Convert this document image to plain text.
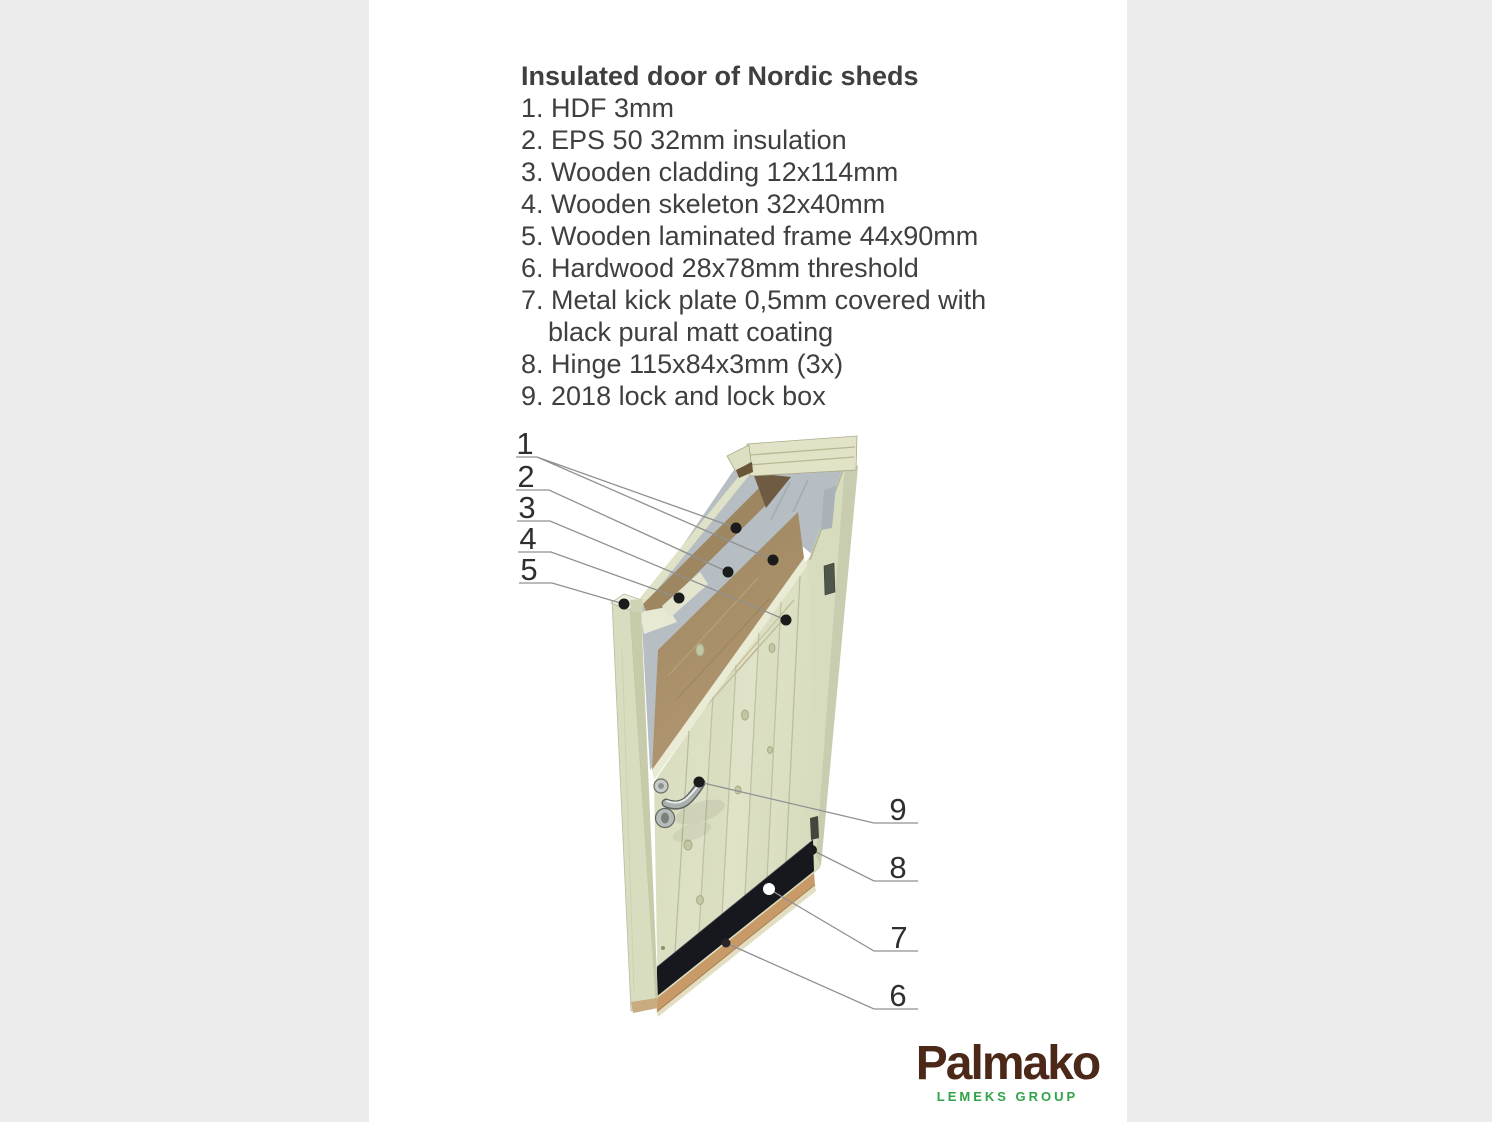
Insulated door of Nordic sheds
1. HDF 3mm
2. EPS 50 32mm insulation
3. Wooden cladding 12x114mm
4. Wooden skeleton 32x40mm
5. Wooden laminated frame 44x90mm
6. Hardwood 28x78mm threshold
7. Metal kick plate 0,5mm covered with
black pural matt coating
8. Hinge 115x84x3mm (3x)
9. 2018 lock and lock box
1
2
3
4
5
9
8
7
6
Palmako
LEMEKS GROUP
